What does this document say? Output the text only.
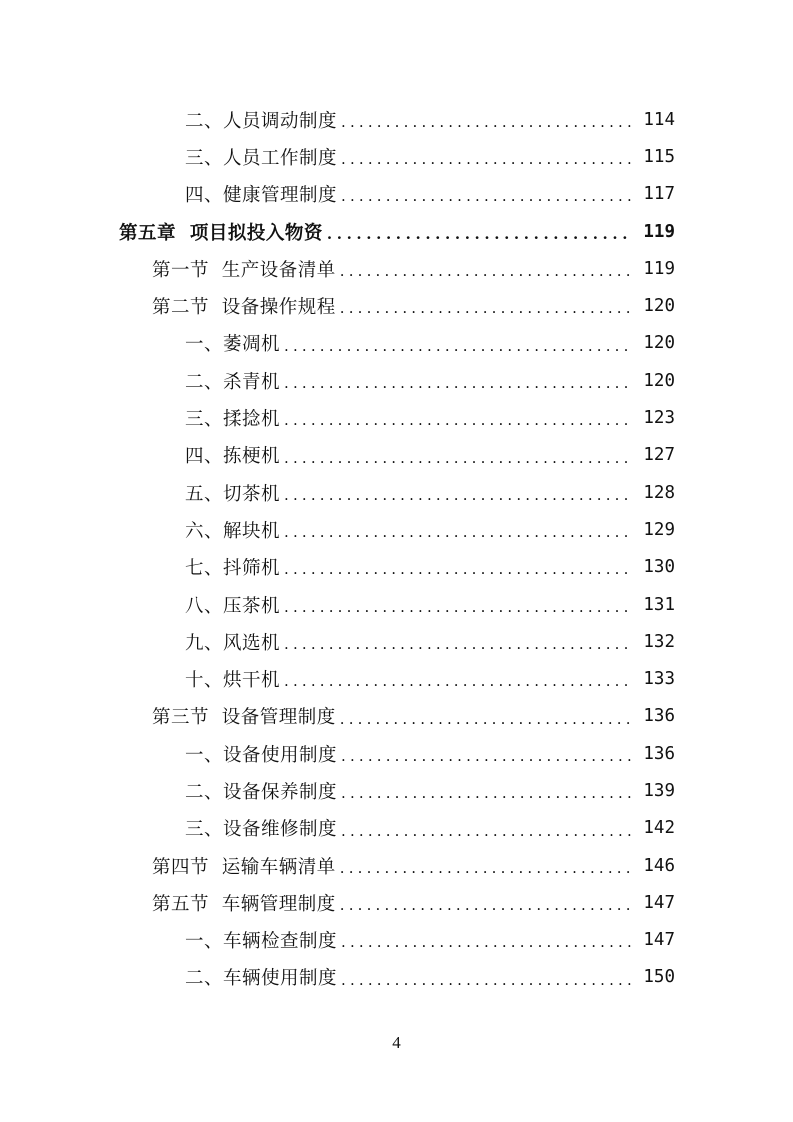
二、人员调动制度 . . .	114
三、人员工作制度 . . .	115
四、健康管理制度 . . .	117
第五章  项目拟投入物资 . . .	119
第一节  生产设备清单 . . .	119
第二节  设备操作规程 . . .	120
一、萎凋机 . . .	120
二、杀青机 . . .	120
三、揉捻机 . . .	123
四、拣梗机 . . .	127
五、切茶机 . . .	128
六、解块机 . . .	129
七、抖筛机 . . .	130
八、压茶机 . . .	131
九、风选机 . . .	132
十、烘干机 . . .	133
第三节  设备管理制度 . . .	136
一、设备使用制度 . . .	136
二、设备保养制度 . . .	139
三、设备维修制度 . . .	142
第四节  运输车辆清单 . . .	146
第五节  车辆管理制度 . . .	147
一、车辆检查制度 . . .	147
二、车辆使用制度 . . .	150
4
